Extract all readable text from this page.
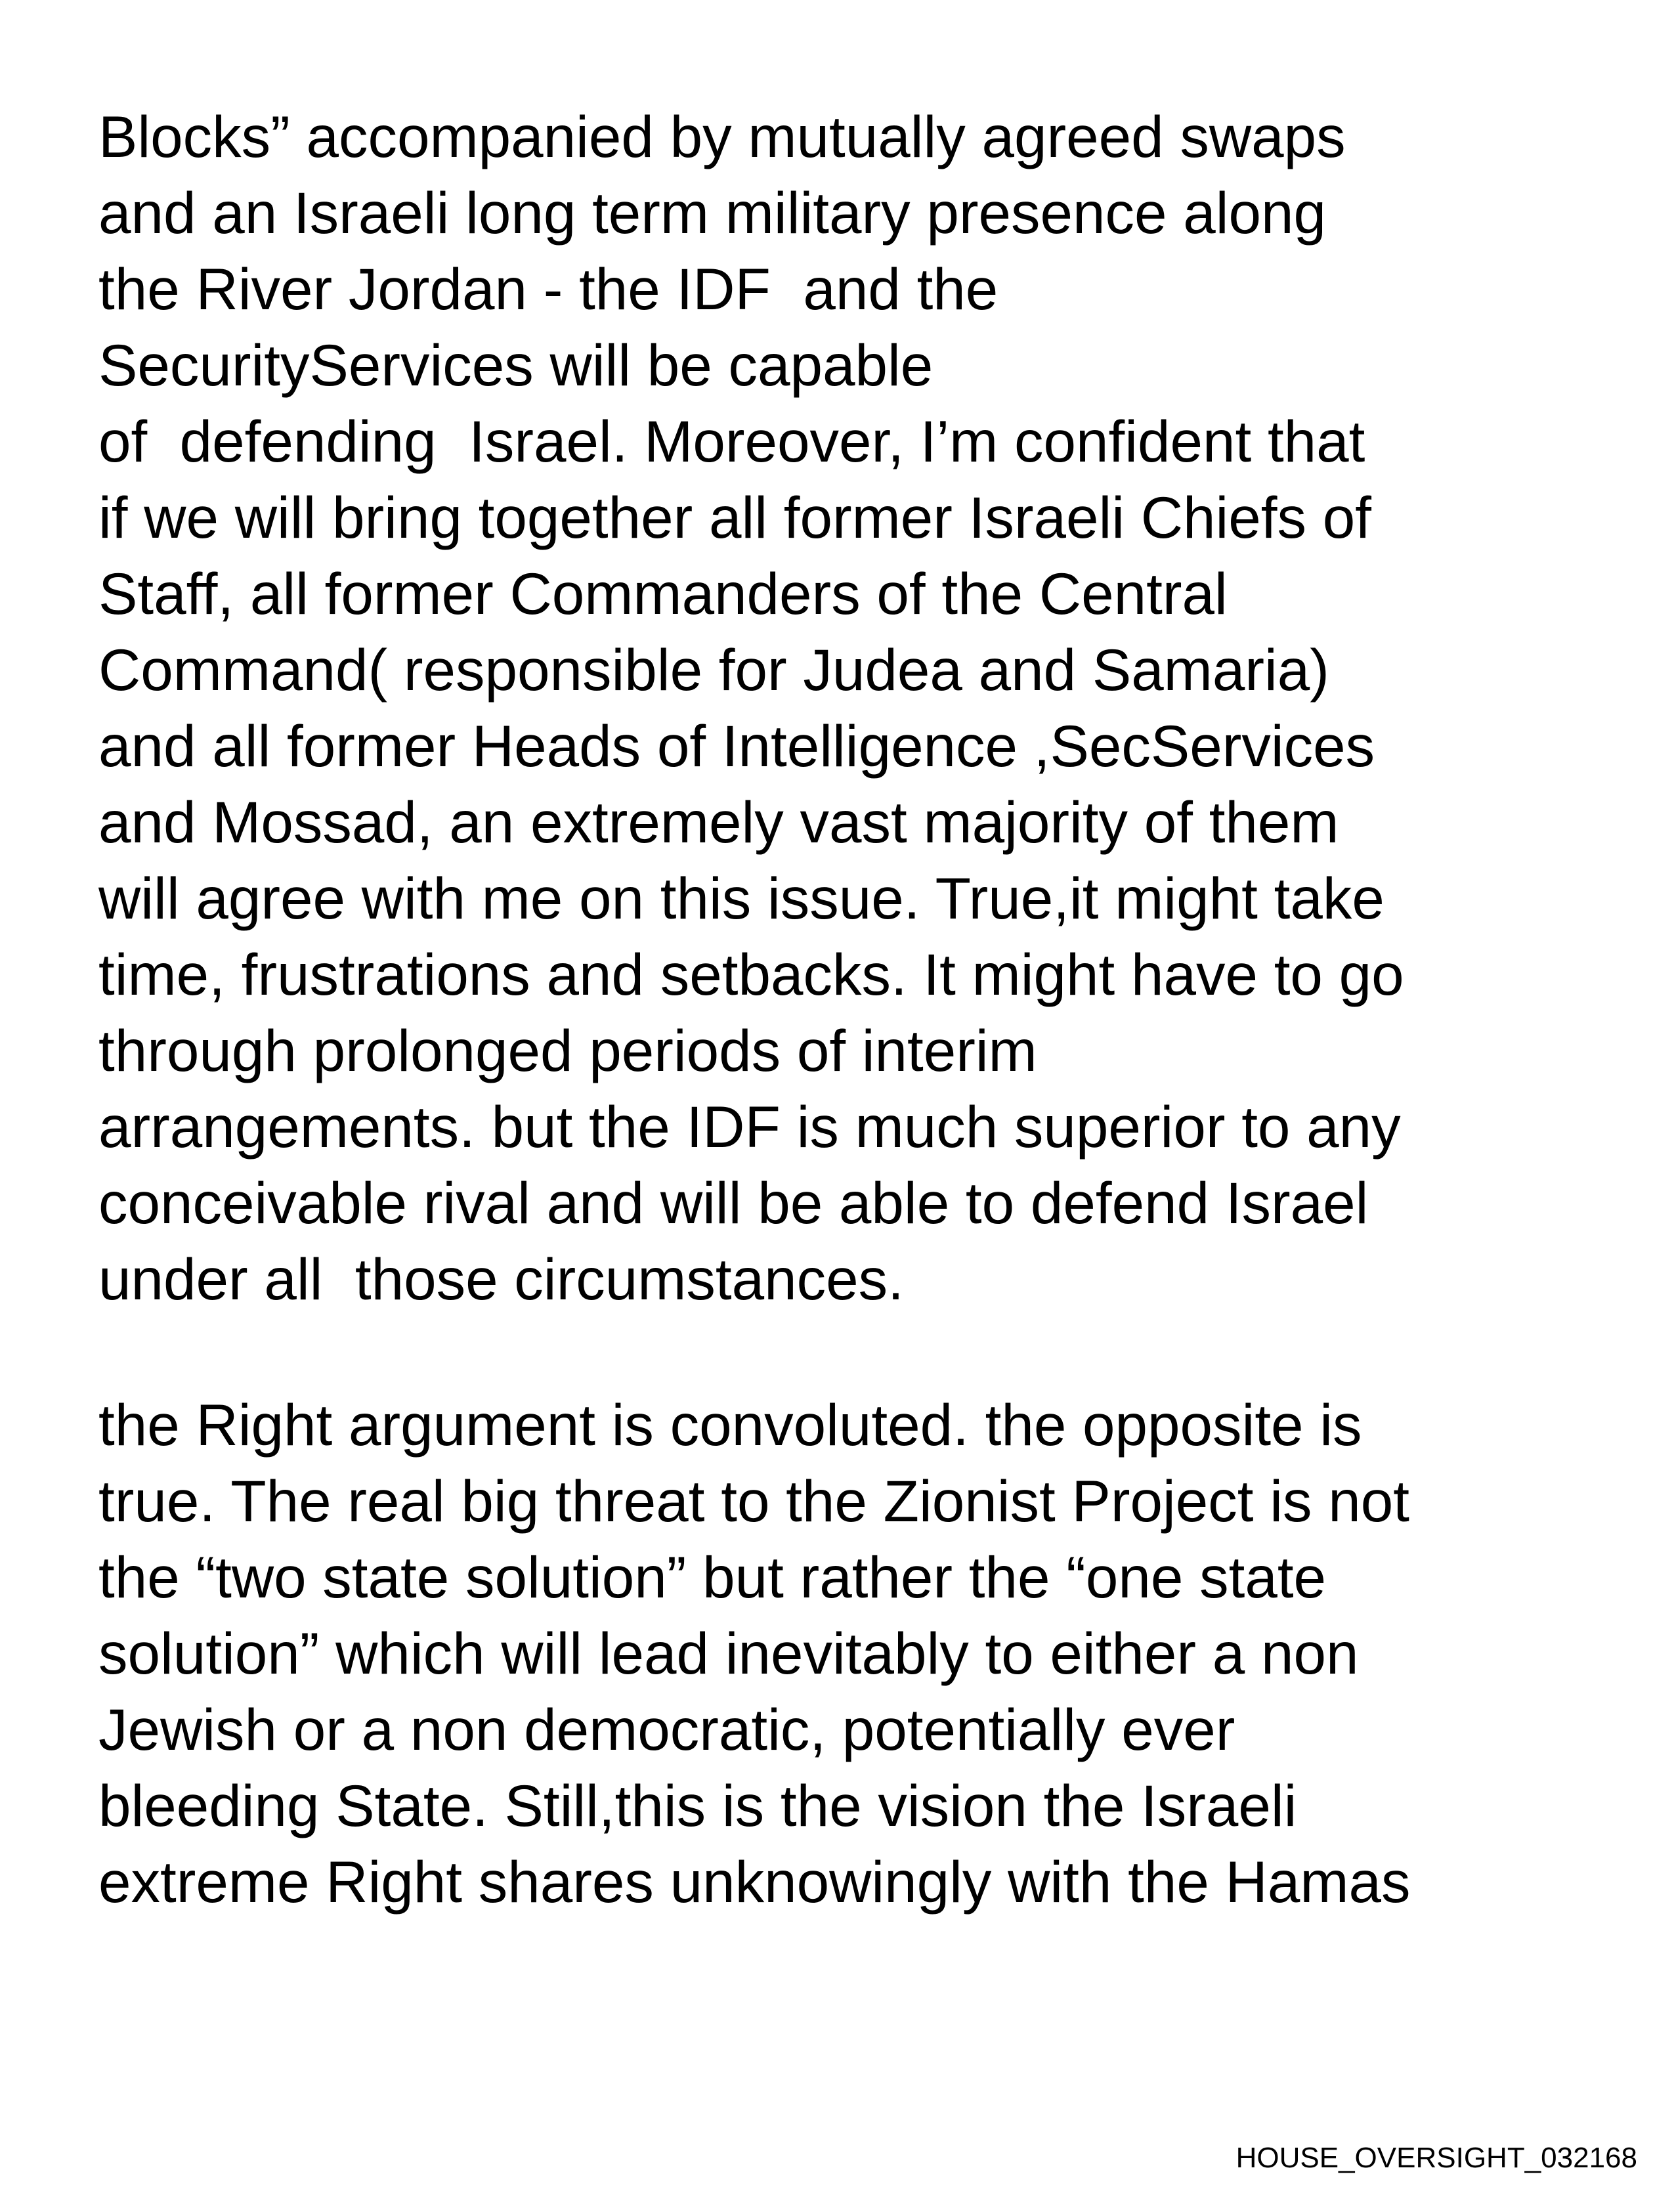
Blocks” accompanied by mutually agreed swaps
and an Israeli long term military presence along
the River Jordan - the IDF  and the
SecurityServices will be capable
of  defending  Israel. Moreover, I’m confident that
if we will bring together all former Israeli Chiefs of
Staff, all former Commanders of the Central
Command( responsible for Judea and Samaria)
and all former Heads of Intelligence ,SecServices
and Mossad, an extremely vast majority of them
will agree with me on this issue. True,it might take
time, frustrations and setbacks. It might have to go
through prolonged periods of interim
arrangements. but the IDF is much superior to any
conceivable rival and will be able to defend Israel
under all  those circumstances.
the Right argument is convoluted. the opposite is
true. The real big threat to the Zionist Project is not
the “two state solution” but rather the “one state
solution” which will lead inevitably to either a non
Jewish or a non democratic, potentially ever
bleeding State. Still,this is the vision the Israeli
extreme Right shares unknowingly with the Hamas
HOUSE_OVERSIGHT_032168
